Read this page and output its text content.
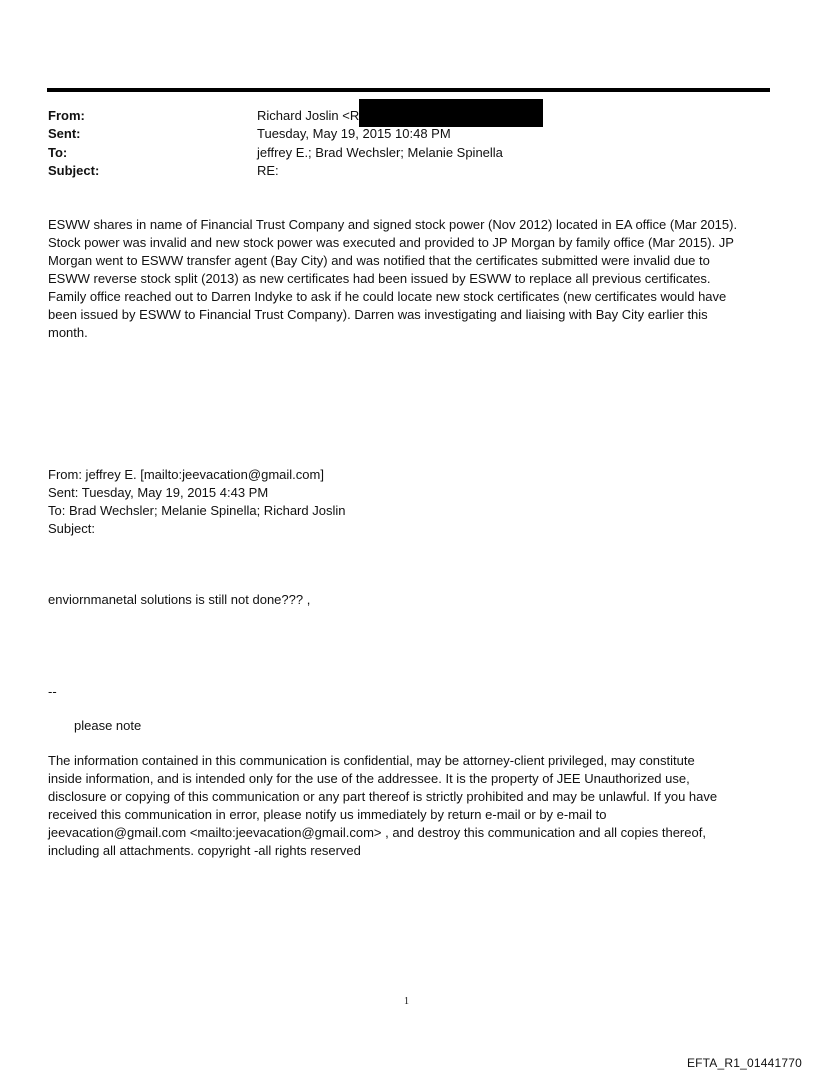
From:	Richard Joslin <R
Sent:	Tuesday, May 19, 2015 10:48 PM
To:	jeffrey E.; Brad Wechsler; Melanie Spinella
Subject:	RE:
ESWW shares in name of Financial Trust Company and signed stock power (Nov 2012) located in EA office (Mar 2015).
Stock power was invalid and new stock power was executed and provided to JP Morgan by family office (Mar 2015). JP
Morgan went to ESWW transfer agent (Bay City) and was notified that the certificates submitted were invalid due to
ESWW reverse stock split (2013) as new certificates had been issued by ESWW to replace all previous certificates.
Family office reached out to Darren Indyke to ask if he could locate new stock certificates (new certificates would have
been issued by ESWW to Financial Trust Company). Darren was investigating and liaising with Bay City earlier this
month.
From: jeffrey E. [mailto:jeevacation@gmail.com]
Sent: Tuesday, May 19, 2015 4:43 PM
To: Brad Wechsler; Melanie Spinella; Richard Joslin
Subject:
enviornmanetal solutions is still not done??? ,
--
please note
The information contained in this communication is confidential, may be attorney-client privileged, may constitute
inside information, and is intended only for the use of the addressee. It is the property of JEE Unauthorized use,
disclosure or copying of this communication or any part thereof is strictly prohibited and may be unlawful. If you have
received this communication in error, please notify us immediately by return e-mail or by e-mail to
jeevacation@gmail.com <mailto:jeevacation@gmail.com> , and destroy this communication and all copies thereof,
including all attachments. copyright -all rights reserved
1
EFTA_R1_01441770
